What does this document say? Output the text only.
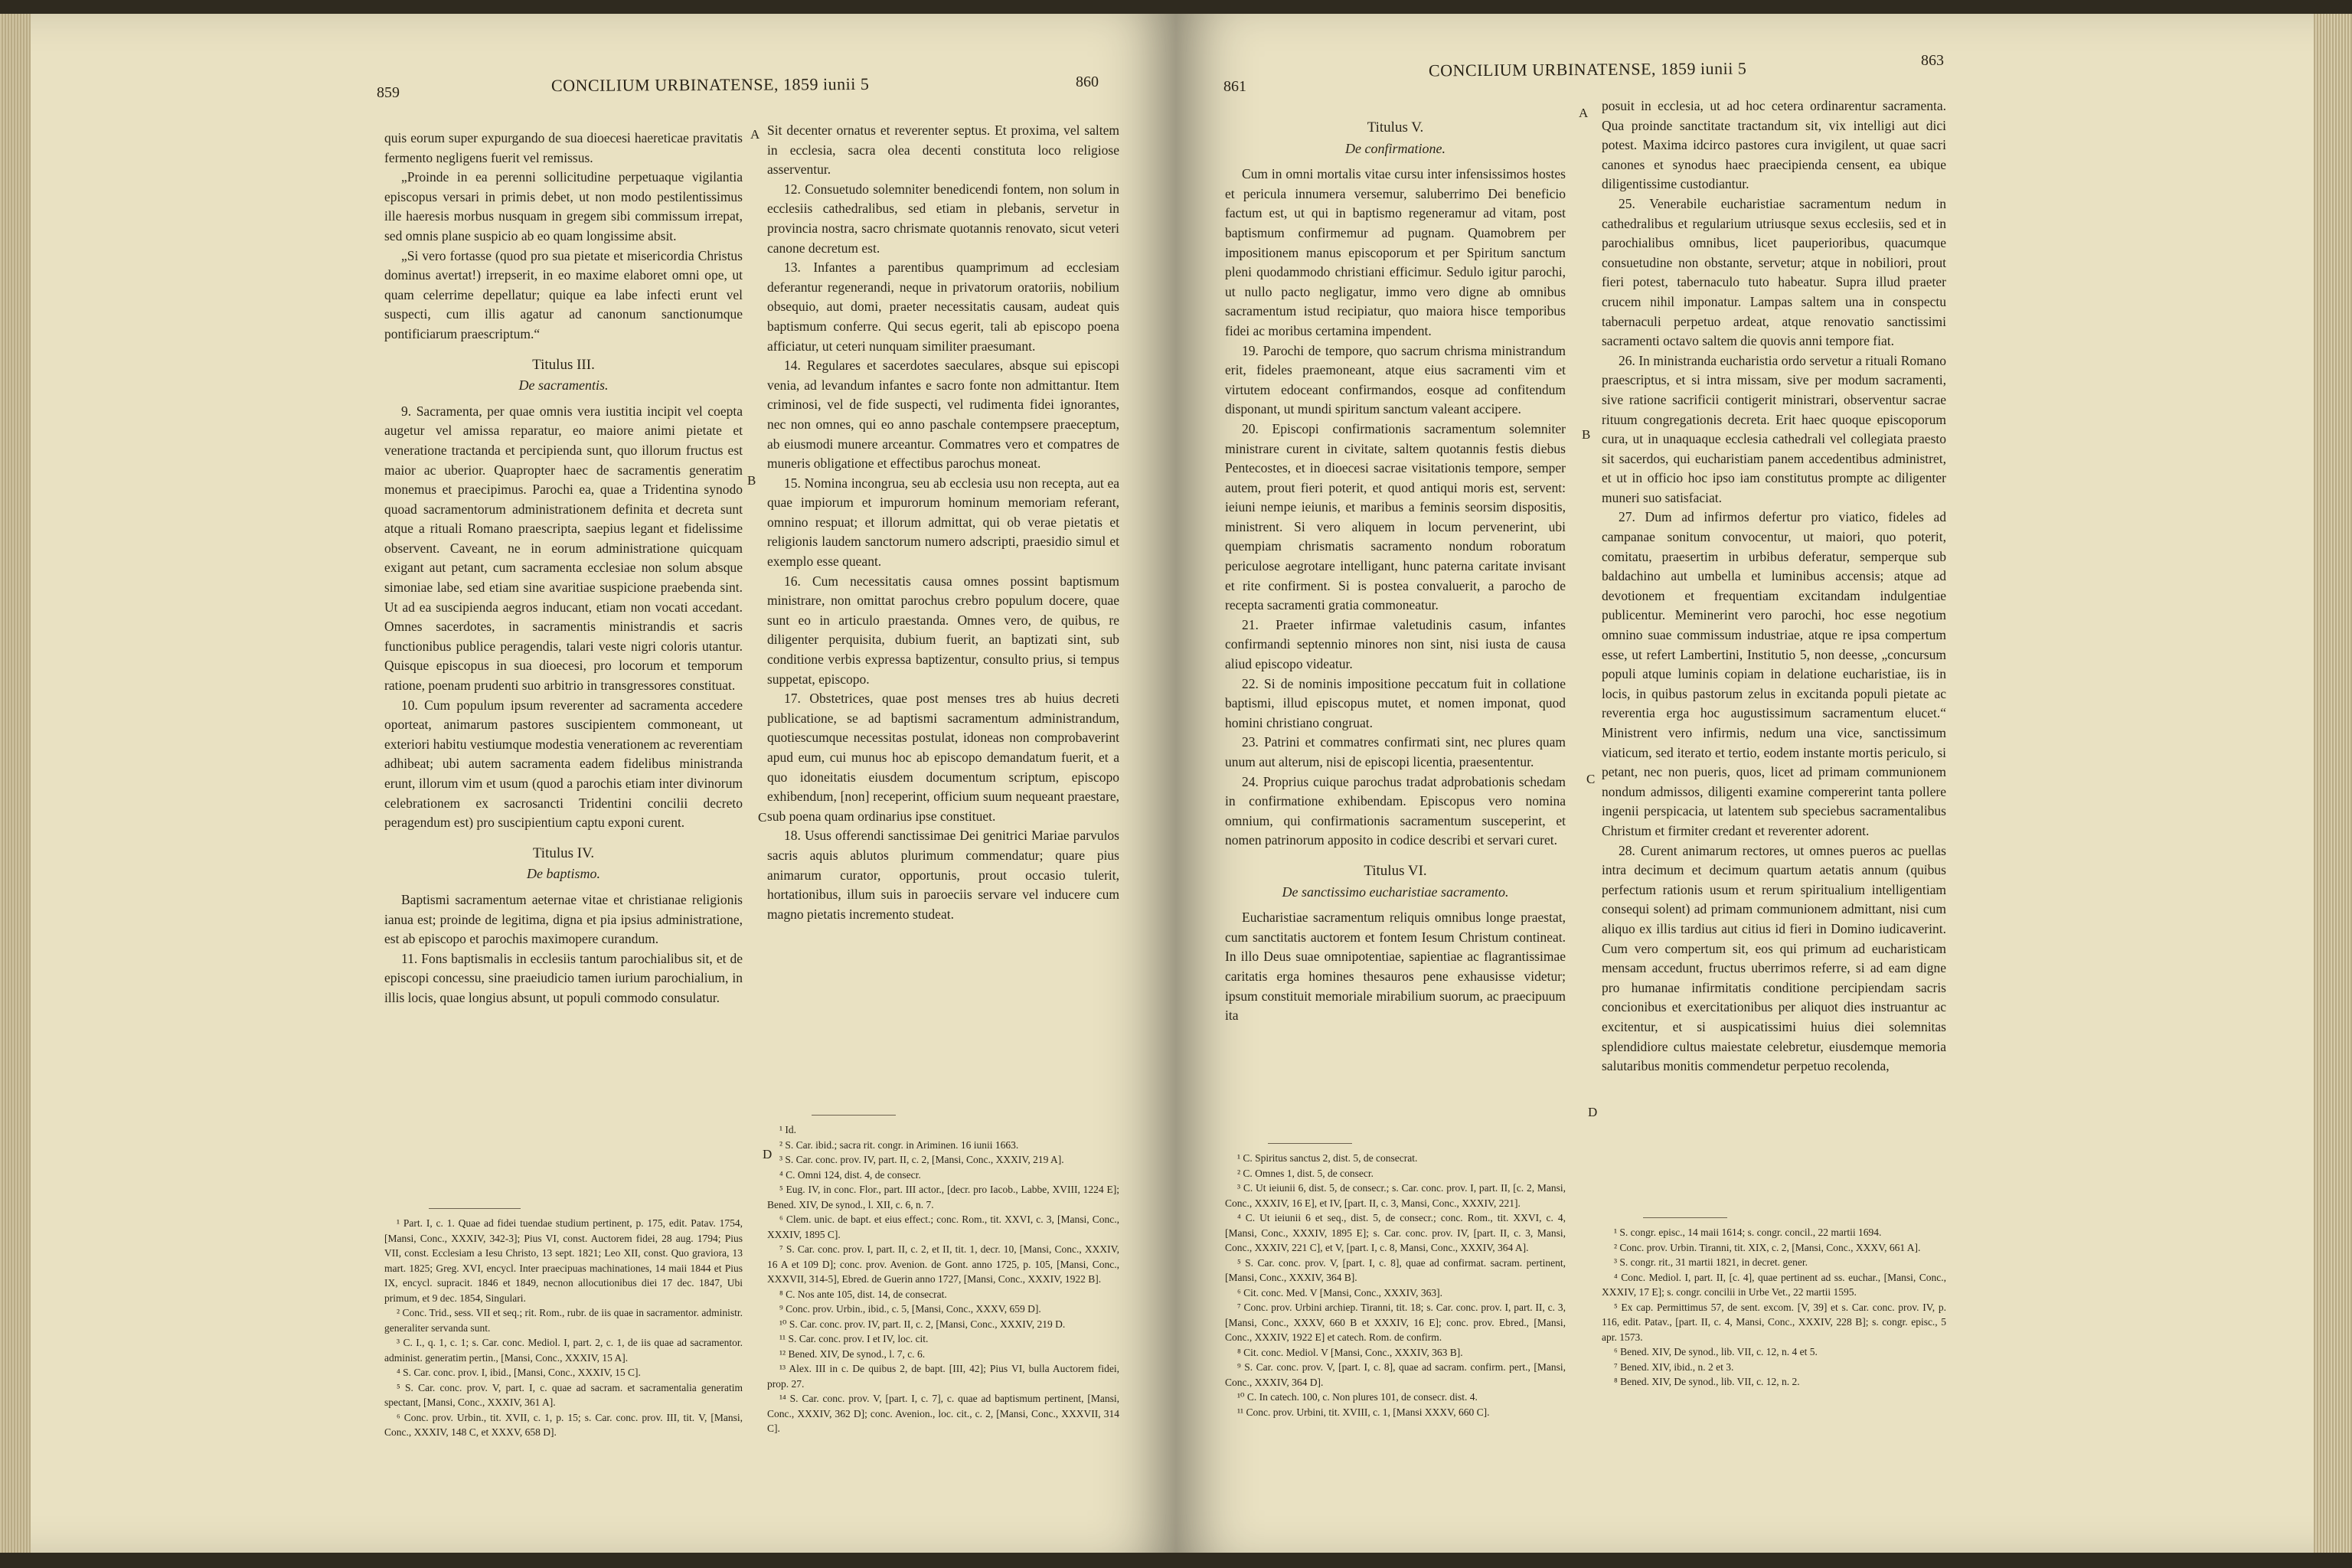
859	CONCILIUM URBINATENSE, 1859 iunii 5	860

quis eorum super expurgando de sua dioecesi haereticae pravitatis fermento negligens fuerit vel remissus.

„Proinde in ea perenni sollicitudine perpetuaque vigilantia episcopus versari in primis debet, ut non modo pestilentissimus ille haeresis morbus nusquam in gregem sibi commissum irrepat, sed omnis plane suspicio ab eo quam longissime absit.

„Si vero fortasse (quod pro sua pietate et misericordia Christus dominus avertat!) irrepserit, in eo maxime elaboret omni ope, ut quam celerrime depellatur; quique ea labe infecti erunt vel suspecti, cum illis agatur ad canonum sanctionumque pontificiarum praescriptum.“

Titulus III.
De sacramentis.

9. Sacramenta, per quae omnis vera iustitia incipit vel coepta augetur vel amissa reparatur, eo maiore animi pietate et veneratione tractanda et percipienda sunt, quo illorum fructus est maior ac uberior. Quapropter haec de sacramentis generatim monemus et praecipimus. Parochi ea, quae a Tridentina synodo quoad sacramentorum administrationem definita et decreta sunt atque a rituali Romano praescripta, saepius legant et fidelissime observent. Caveant, ne in eorum administratione quicquam exigant aut petant, cum sacramenta ecclesiae non solum absque simoniae labe, sed etiam sine avaritiae suspicione praebenda sint. Ut ad ea suscipienda aegros inducant, etiam non vocati accedant. Omnes sacerdotes, in sacramentis ministrandis et sacris functionibus publice peragendis, talari veste nigri coloris utantur. Quisque episcopus in sua dioecesi, pro locorum et temporum ratione, poenam prudenti suo arbitrio in transgressores constituat.

10. Cum populum ipsum reverenter ad sacramenta accedere oporteat, animarum pastores suscipientem commoneant, ut exteriori habitu vestiumque modestia venerationem ac reverentiam adhibeat; ubi autem sacramenta eadem fidelibus ministranda erunt, illorum vim et usum (quod a parochis etiam inter divinorum celebrationem ex sacrosancti Tridentini concilii decreto peragendum est) pro suscipientium captu exponi curent.

Titulus IV.
De baptismo.

Baptismi sacramentum aeternae vitae et christianae religionis ianua est; proinde de legitima, digna et pia ipsius administratione, est ab episcopo et parochis maximopere curandum.

11. Fons baptismalis in ecclesiis tantum parochialibus sit, et de episcopi concessu, sine praeiudicio tamen iurium parochialium, in illis locis, quae longius absunt, ut populi commodo consulatur.

¹ Part. I, c. 1. Quae ad fidei tuendae studium pertinent, p. 175, edit. Patav. 1754, [Mansi, Conc., XXXIV, 342-3]; Pius VI, const. Auctorem fidei, 28 aug. 1794; Pius VII, const. Ecclesiam a Iesu Christo, 13 sept. 1821; Leo XII, const. Quo graviora, 13 mart. 1825; Greg. XVI, encycl. Inter praecipuas machinationes, 14 maii 1844 et Pius IX, encycl. supracit. 1846 et 1849, necnon allocutionibus diei 17 dec. 1847, Ubi primum, et 9 dec. 1854, Singulari.
² Conc. Trid., sess. VII et seq.; rit. Rom., rubr. de iis quae in sacramentor. administr. generaliter servanda sunt.
³ C. I., q. 1, c. 1; s. Car. conc. Mediol. I, part. 2, c. 1, de iis quae ad sacramentor. administ. generatim pertin., [Mansi, Conc., XXXIV, 15 A].
⁴ S. Car. conc. prov. I, ibid., [Mansi, Conc., XXXIV, 15 C].
⁵ S. Car. conc. prov. V, part. I, c. quae ad sacram. et sacramentalia generatim spectant, [Mansi, Conc., XXXIV, 361 A].
⁶ Conc. prov. Urbin., tit. XVII, c. 1, p. 15; s. Car. conc. prov. III, tit. V, [Mansi, Conc., XXXIV, 148 C, et XXXV, 658 D].
A
B
C
D

Sit decenter ornatus et reverenter septus. Et proxima, vel saltem in ecclesia, sacra olea decenti constituta loco religiose asserventur.

12. Consuetudo solemniter benedicendi fontem, non solum in ecclesiis cathedralibus, sed etiam in plebanis, servetur in provincia nostra, sacro chrismate quotannis renovato, sicut veteri canone decretum est.

13. Infantes a parentibus quamprimum ad ecclesiam deferantur regenerandi, neque in privatorum oratoriis, nobilium obsequio, aut domi, praeter necessitatis causam, audeat quis baptismum conferre. Qui secus egerit, tali ab episcopo poena afficiatur, ut ceteri nunquam similiter praesumant.

14. Regulares et sacerdotes saeculares, absque sui episcopi venia, ad levandum infantes e sacro fonte non admittantur. Item criminosi, vel de fide suspecti, vel rudimenta fidei ignorantes, nec non omnes, qui eo anno paschale contempsere praeceptum, ab eiusmodi munere arceantur. Commatres vero et compatres de muneris obligatione et effectibus parochus moneat.

15. Nomina incongrua, seu ab ecclesia usu non recepta, aut ea quae impiorum et impurorum hominum memoriam referant, omnino respuat; et illorum admittat, qui ob verae pietatis et religionis laudem sanctorum numero adscripti, praesidio simul et exemplo esse queant.

16. Cum necessitatis causa omnes possint baptismum ministrare, non omittat parochus crebro populum docere, quae sunt eo in articulo praestanda. Omnes vero, de quibus, re diligenter perquisita, dubium fuerit, an baptizati sint, sub conditione verbis expressa baptizentur, consulto prius, si tempus suppetat, episcopo.

17. Obstetrices, quae post menses tres ab huius decreti publicatione, se ad baptismi sacramentum administrandum, quotiescumque necessitas postulat, idoneas non comprobaverint apud eum, cui munus hoc ab episcopo demandatum fuerit, et a quo idoneitatis eiusdem documentum scriptum, episcopo exhibendum, [non] receperint, officium suum nequeant praestare, sub poena quam ordinarius ipse constituet.

18. Usus offerendi sanctissimae Dei genitrici Mariae parvulos sacris aquis ablutos plurimum commendatur; quare pius animarum curator, opportunis, prout occasio tulerit, hortationibus, illum suis in paroeciis servare vel inducere cum magno pietatis incremento studeat.

¹ Id.
² S. Car. ibid.; sacra rit. congr. in Ariminen. 16 iunii 1663.
³ S. Car. conc. prov. IV, part. II, c. 2, [Mansi, Conc., XXXIV, 219 A].
⁴ C. Omni 124, dist. 4, de consecr.
⁵ Eug. IV, in conc. Flor., part. III actor., [decr. pro Iacob., Labbe, XVIII, 1224 E]; Bened. XIV, De synod., l. XII, c. 6, n. 7.
⁶ Clem. unic. de bapt. et eius effect.; conc. Rom., tit. XXVI, c. 3, [Mansi, Conc., XXXIV, 1895 C].
⁷ S. Car. conc. prov. I, part. II, c. 2, et II, tit. 1, decr. 10, [Mansi, Conc., XXXIV, 16 A et 109 D]; conc. prov. Avenion. de Gont. anno 1725, p. 105, [Mansi, Conc., XXXVII, 314-5], Ebred. de Guerin anno 1727, [Mansi, Conc., XXXIV, 1922 B].
⁸ C. Nos ante 105, dist. 14, de consecrat.
⁹ Conc. prov. Urbin., ibid., c. 5, [Mansi, Conc., XXXV, 659 D].
¹⁰ S. Car. conc. prov. IV, part. II, c. 2, [Mansi, Conc., XXXIV, 219 D.
¹¹ S. Car. conc. prov. I et IV, loc. cit.
¹² Bened. XIV, De synod., l. 7, c. 6.
¹³ Alex. III in c. De quibus 2, de bapt. [III, 42]; Pius VI, bulla Auctorem fidei, prop. 27.
¹⁴ S. Car. conc. prov. V, [part. I, c. 7], c. quae ad baptismum pertinent, [Mansi, Conc., XXXIV, 362 D]; conc. Avenion., loc. cit., c. 2, [Mansi, Conc., XXXVII, 314 C].
861
CONCILIUM URBINATENSE, 1859 iunii 5	863
Titulus V.
De confirmatione.

Cum in omni mortalis vitae cursu inter infensissimos hostes et pericula innumera versemur, saluberrimo Dei beneficio factum est, ut qui in baptismo regeneramur ad vitam, post baptismum confirmemur ad pugnam. Quamobrem per impositionem manus episcoporum et per Spiritum sanctum pleni quodammodo christiani efficimur. Sedulo igitur parochi, ut nullo pacto negligatur, immo vero digne ab omnibus sacramentum istud recipiatur, quo maiora hisce temporibus fidei ac moribus certamina impendent.

19. Parochi de tempore, quo sacrum chrisma ministrandum erit, fideles praemoneant, atque eius sacramenti vim et virtutem edoceant confirmandos, eosque ad confitendum disponant, ut mundi spiritum sanctum valeant accipere.

20. Episcopi confirmationis sacramentum solemniter ministrare curent in civitate, saltem quotannis festis diebus Pentecostes, et in dioecesi sacrae visitationis tempore, semper autem, prout fieri poterit, et quod antiqui moris est, servent: ieiuni nempe ieiunis, et maribus a feminis seorsim dispositis, ministrent. Si vero aliquem in locum pervenerint, ubi quempiam chrismatis sacramento nondum roboratum periculose aegrotare intelligant, hunc paterna caritate invisant et rite confirment. Si is postea convaluerit, a parocho de recepta sacramenti gratia commoneatur.

21. Praeter infirmae valetudinis casum, infantes confirmandi septennio minores non sint, nisi iusta de causa aliud episcopo videatur.

22. Si de nominis impositione peccatum fuit in collatione baptismi, illud episcopus mutet, et nomen imponat, quod homini christiano congruat.

23. Patrini et commatres confirmati sint, nec plures quam unum aut alterum, nisi de episcopi licentia, praesententur.

24. Proprius cuique parochus tradat adprobationis schedam in confirmatione exhibendam. Episcopus vero nomina omnium, qui confirmationis sacramentum susceperint, et nomen patrinorum apposito in codice describi et servari curet.

Titulus VI.
De sanctissimo eucharistiae sacramento.

Eucharistiae sacramentum reliquis omnibus longe praestat, cum sanctitatis auctorem et fontem Iesum Christum contineat. In illo Deus suae omnipotentiae, sapientiae ac flagrantissimae caritatis erga homines thesauros pene exhausisse videtur; ipsum constituit memoriale mirabilium suorum, ac praecipuum ita

¹ C. Spiritus sanctus 2, dist. 5, de consecrat.
² C. Omnes 1, dist. 5, de consecr.
³ C. Ut ieiunii 6, dist. 5, de consecr.; s. Car. conc. prov. I, part. II, [c. 2, Mansi, Conc., XXXIV, 16 E], et IV, [part. II, c. 3, Mansi, Conc., XXXIV, 221].
⁴ C. Ut ieiunii 6 et seq., dist. 5, de consecr.; conc. Rom., tit. XXVI, c. 4, [Mansi, Conc., XXXIV, 1895 E]; s. Car. conc. prov. IV, [part. II, c. 3, Mansi, Conc., XXXIV, 221 C], et V, [part. I, c. 8, Mansi, Conc., XXXIV, 364 A].
⁵ S. Car. conc. prov. V, [part. I, c. 8], quae ad confirmat. sacram. pertinent, [Mansi, Conc., XXXIV, 364 B].
⁶ Cit. conc. Med. V [Mansi, Conc., XXXIV, 363].
⁷ Conc. prov. Urbini archiep. Tiranni, tit. 18; s. Car. conc. prov. I, part. II, c. 3, [Mansi, Conc., XXXV, 660 B et XXXIV, 16 E]; conc. prov. Ebred., [Mansi, Conc., XXXIV, 1922 E] et catech. Rom. de confirm.
⁸ Cit. conc. Mediol. V [Mansi, Conc., XXXIV, 363 B].
⁹ S. Car. conc. prov. V, [part. I, c. 8], quae ad sacram. confirm. pert., [Mansi, Conc., XXXIV, 364 D].
¹⁰ C. In catech. 100, c. Non plures 101, de consecr. dist. 4.
¹¹ Conc. prov. Urbini, tit. XVIII, c. 1, [Mansi XXXV, 660 C].
A
B
C
D

posuit in ecclesia, ut ad hoc cetera ordinarentur sacramenta. Qua proinde sanctitate tractandum sit, vix intelligi aut dici potest. Maxima idcirco pastores cura invigilent, ut quae sacri canones et synodus haec praecipienda censent, ea ubique diligentissime custodiantur.

25. Venerabile eucharistiae sacramentum nedum in cathedralibus et regularium utriusque sexus ecclesiis, sed et in parochialibus omnibus, licet pauperioribus, quacumque consuetudine non obstante, servetur; atque in nobiliori, prout fieri potest, tabernaculo tuto habeatur. Supra illud praeter crucem nihil imponatur. Lampas saltem una in conspectu tabernaculi perpetuo ardeat, atque renovatio sanctissimi sacramenti octavo saltem die quovis anni tempore fiat.

26. In ministranda eucharistia ordo servetur a rituali Romano praescriptus, et si intra missam, sive per modum sacramenti, sive ratione sacrificii contigerit ministrari, observentur sacrae rituum congregationis decreta. Erit haec quoque episcoporum cura, ut in unaquaque ecclesia cathedrali vel collegiata praesto sit sacerdos, qui eucharistiam panem accedentibus administret, et ut in officio hoc ipso iam constitutus prompte ac diligenter muneri suo satisfaciat.

27. Dum ad infirmos defertur pro viatico, fideles ad campanae sonitum convocentur, ut maiori, quo poterit, comitatu, praesertim in urbibus deferatur, semperque sub baldachino aut umbella et luminibus accensis; atque ad devotionem et frequentiam excitandam indulgentiae publicentur. Meminerint vero parochi, hoc esse negotium omnino suae commissum industriae, atque re ipsa compertum esse, ut refert Lambertini, Institutio 5, non deesse, „concursum populi atque luminis copiam in delatione eucharistiae, iis in locis, in quibus pastorum zelus in excitanda populi pietate ac reverentia erga hoc augustissimum sacramentum elucet.“ Ministrent vero infirmis, nedum una vice, sanctissimum viaticum, sed iterato et tertio, eodem instante mortis periculo, si petant, nec non pueris, quos, licet ad primam communionem nondum admissos, diligenti examine compererint tanta pollere ingenii perspicacia, ut latentem sub speciebus sacramentalibus Christum et firmiter credant et reverenter adorent.

28. Curent animarum rectores, ut omnes pueros ac puellas intra decimum et decimum quartum aetatis annum (quibus perfectum rationis usum et rerum spiritualium intelligentiam consequi solent) ad primam communionem admittant, nisi cum aliquo ex illis tardius aut citius id fieri in Domino iudicaverint. Cum vero compertum sit, eos qui primum ad eucharisticam mensam accedunt, fructus uberrimos referre, si ad eam digne pro humanae infirmitatis conditione percipiendam sacris concionibus et exercitationibus per aliquot dies instruantur ac excitentur, et si auspicatissimi huius diei solemnitas splendidiore cultus maiestate celebretur, eiusdemque memoria salutaribus monitis commendetur perpetuo recolenda,

¹ S. congr. episc., 14 maii 1614; s. congr. concil., 22 martii 1694.
² Conc. prov. Urbin. Tiranni, tit. XIX, c. 2, [Mansi, Conc., XXXV, 661 A].
³ S. congr. rit., 31 martii 1821, in decret. gener.
⁴ Conc. Mediol. I, part. II, [c. 4], quae pertinent ad ss. euchar., [Mansi, Conc., XXXIV, 17 E]; s. congr. concilii in Urbe Vet., 22 martii 1595.
⁵ Ex cap. Permittimus 57, de sent. excom. [V, 39] et s. Car. conc. prov. IV, p. 116, edit. Patav., [part. II, c. 4, Mansi, Conc., XXXIV, 228 B]; s. congr. episc., 5 apr. 1573.
⁶ Bened. XIV, De synod., lib. VII, c. 12, n. 4 et 5.
⁷ Bened. XIV, ibid., n. 2 et 3.
⁸ Bened. XIV, De synod., lib. VII, c. 12, n. 2.
